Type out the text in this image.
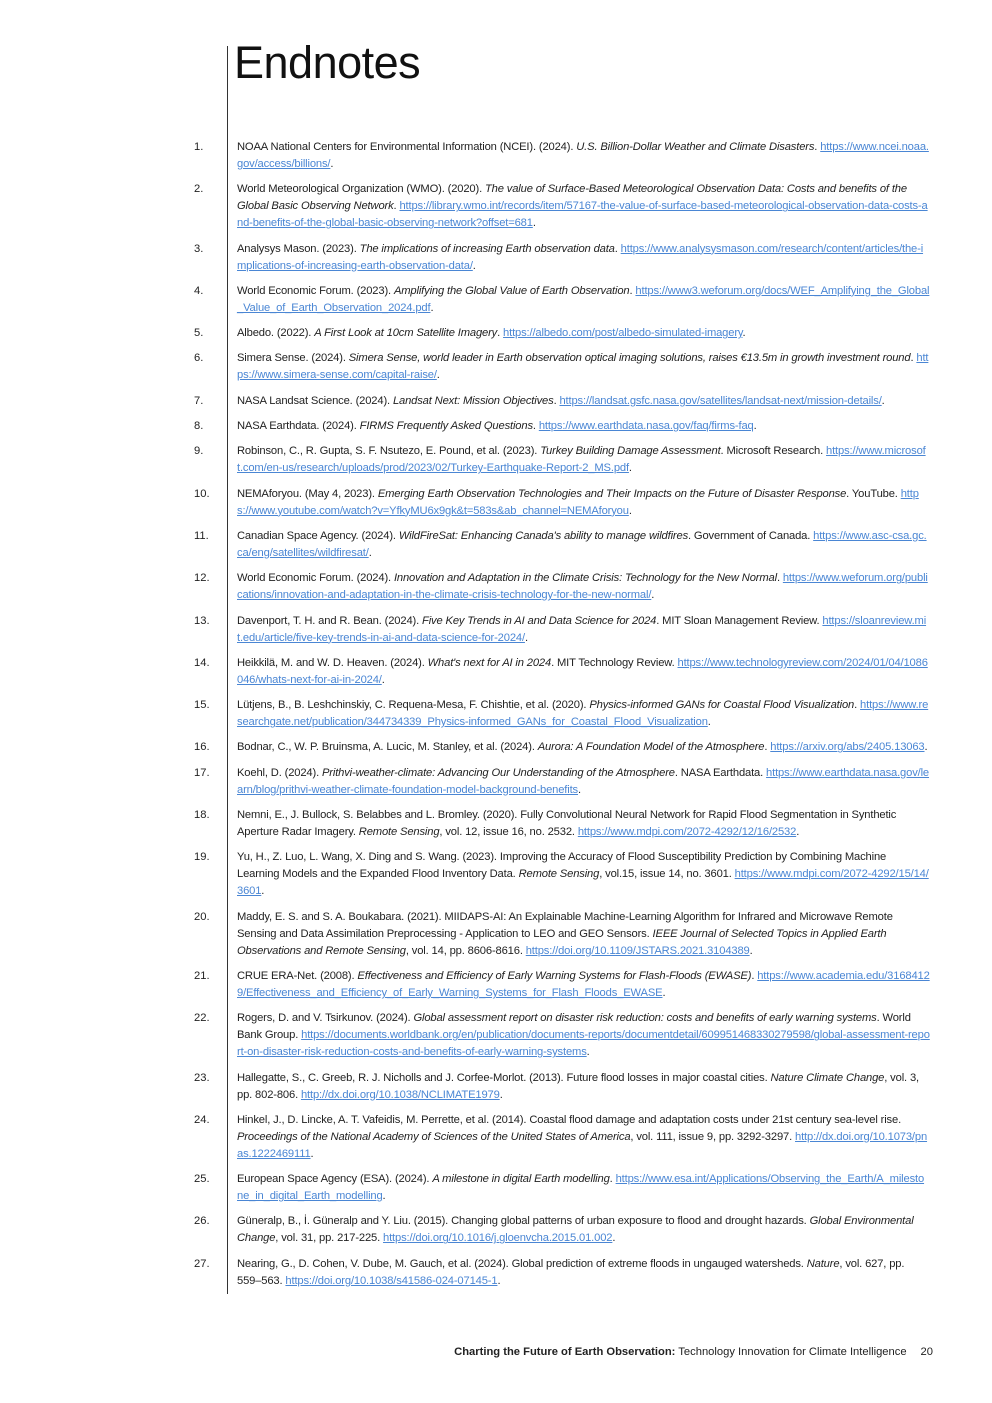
Endnotes
1.	NOAA National Centers for Environmental Information (NCEI). (2024). U.S. Billion-Dollar Weather and Climate Disasters. https://www.ncei.noaa.gov/access/billions/.
2.	World Meteorological Organization (WMO). (2020). The value of Surface-Based Meteorological Observation Data: Costs and benefits of the Global Basic Observing Network. https://library.wmo.int/records/item/57167-the-value-of-surface-based-meteorological-observation-data-costs-and-benefits-of-the-global-basic-observing-network?offset=681.
3.	Analysys Mason. (2023). The implications of increasing Earth observation data. https://www.analysysmason.com/research/content/articles/the-implications-of-increasing-earth-observation-data/.
4.	World Economic Forum. (2023). Amplifying the Global Value of Earth Observation. https://www3.weforum.org/docs/WEF_Amplifying_the_Global_Value_of_Earth_Observation_2024.pdf.
5.	Albedo. (2022). A First Look at 10cm Satellite Imagery. https://albedo.com/post/albedo-simulated-imagery.
6.	Simera Sense. (2024). Simera Sense, world leader in Earth observation optical imaging solutions, raises €13.5m in growth investment round. https://www.simera-sense.com/capital-raise/.
7.	NASA Landsat Science. (2024). Landsat Next: Mission Objectives. https://landsat.gsfc.nasa.gov/satellites/landsat-next/mission-details/.
8.	NASA Earthdata. (2024). FIRMS Frequently Asked Questions. https://www.earthdata.nasa.gov/faq/firms-faq.
9.	Robinson, C., R. Gupta, S. F. Nsutezo, E. Pound, et al. (2023). Turkey Building Damage Assessment. Microsoft Research. https://www.microsoft.com/en-us/research/uploads/prod/2023/02/Turkey-Earthquake-Report-2_MS.pdf.
10.	NEMAforyou. (May 4, 2023). Emerging Earth Observation Technologies and Their Impacts on the Future of Disaster Response. YouTube. https://www.youtube.com/watch?v=YfkyMU6x9gk&t=583s&ab_channel=NEMAforyou.
11.	Canadian Space Agency. (2024). WildFireSat: Enhancing Canada's ability to manage wildfires. Government of Canada. https://www.asc-csa.gc.ca/eng/satellites/wildfiresat/.
12.	World Economic Forum. (2024). Innovation and Adaptation in the Climate Crisis: Technology for the New Normal. https://www.weforum.org/publications/innovation-and-adaptation-in-the-climate-crisis-technology-for-the-new-normal/.
13.	Davenport, T. H. and R. Bean. (2024). Five Key Trends in AI and Data Science for 2024. MIT Sloan Management Review. https://sloanreview.mit.edu/article/five-key-trends-in-ai-and-data-science-for-2024/.
14.	Heikkilä, M. and W. D. Heaven. (2024). What's next for AI in 2024. MIT Technology Review. https://www.technologyreview.com/2024/01/04/1086046/whats-next-for-ai-in-2024/.
15.	Lütjens, B., B. Leshchinskiy, C. Requena-Mesa, F. Chishtie, et al. (2020). Physics-informed GANs for Coastal Flood Visualization. https://www.researchgate.net/publication/344734339_Physics-informed_GANs_for_Coastal_Flood_Visualization.
16.	Bodnar, C., W. P. Bruinsma, A. Lucic, M. Stanley, et al. (2024). Aurora: A Foundation Model of the Atmosphere. https://arxiv.org/abs/2405.13063.
17.	Koehl, D. (2024). Prithvi-weather-climate: Advancing Our Understanding of the Atmosphere. NASA Earthdata. https://www.earthdata.nasa.gov/learn/blog/prithvi-weather-climate-foundation-model-background-benefits.
18.	Nemni, E., J. Bullock, S. Belabbes and L. Bromley. (2020). Fully Convolutional Neural Network for Rapid Flood Segmentation in Synthetic Aperture Radar Imagery. Remote Sensing, vol. 12, issue 16, no. 2532. https://www.mdpi.com/2072-4292/12/16/2532.
19.	Yu, H., Z. Luo, L. Wang, X. Ding and S. Wang. (2023). Improving the Accuracy of Flood Susceptibility Prediction by Combining Machine Learning Models and the Expanded Flood Inventory Data. Remote Sensing, vol.15, issue 14, no. 3601. https://www.mdpi.com/2072-4292/15/14/3601.
20.	Maddy, E. S. and S. A. Boukabara. (2021). MIIDAPS-AI: An Explainable Machine-Learning Algorithm for Infrared and Microwave Remote Sensing and Data Assimilation Preprocessing - Application to LEO and GEO Sensors. IEEE Journal of Selected Topics in Applied Earth Observations and Remote Sensing, vol. 14, pp. 8606-8616. https://doi.org/10.1109/JSTARS.2021.3104389.
21.	CRUE ERA-Net. (2008). Effectiveness and Efficiency of Early Warning Systems for Flash-Floods (EWASE). https://www.academia.edu/31684129/Effectiveness_and_Efficiency_of_Early_Warning_Systems_for_Flash_Floods_EWASE.
22.	Rogers, D. and V. Tsirkunov. (2024). Global assessment report on disaster risk reduction: costs and benefits of early warning systems. World Bank Group. https://documents.worldbank.org/en/publication/documents-reports/documentdetail/609951468330279598/global-assessment-report-on-disaster-risk-reduction-costs-and-benefits-of-early-warning-systems.
23.	Hallegatte, S., C. Greeb, R. J. Nicholls and J. Corfee-Morlot. (2013). Future flood losses in major coastal cities. Nature Climate Change, vol. 3, pp. 802-806. http://dx.doi.org/10.1038/NCLIMATE1979.
24.	Hinkel, J., D. Lincke, A. T. Vafeidis, M. Perrette, et al. (2014). Coastal flood damage and adaptation costs under 21st century sea-level rise. Proceedings of the National Academy of Sciences of the United States of America, vol. 111, issue 9, pp. 3292-3297. http://dx.doi.org/10.1073/pnas.1222469111.
25.	European Space Agency (ESA). (2024). A milestone in digital Earth modelling. https://www.esa.int/Applications/Observing_the_Earth/A_milestone_in_digital_Earth_modelling.
26.	Güneralp, B., İ. Güneralp and Y. Liu. (2015). Changing global patterns of urban exposure to flood and drought hazards. Global Environmental Change, vol. 31, pp. 217-225. https://doi.org/10.1016/j.gloenvcha.2015.01.002.
27.	Nearing, G., D. Cohen, V. Dube, M. Gauch, et al. (2024). Global prediction of extreme floods in ungauged watersheds. Nature, vol. 627, pp. 559–563. https://doi.org/10.1038/s41586-024-07145-1.
Charting the Future of Earth Observation: Technology Innovation for Climate Intelligence 20
